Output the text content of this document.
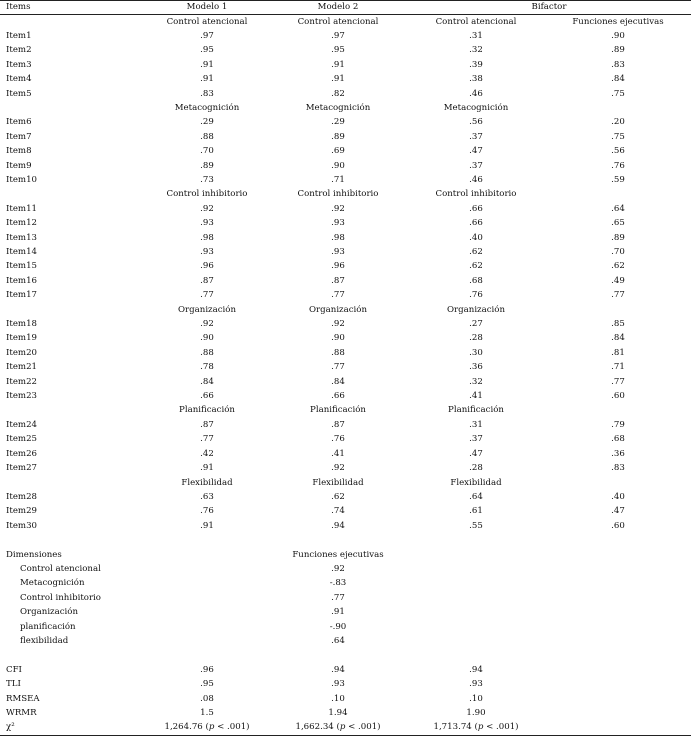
Items	Modelo 1	Modelo 2	Bifactor	
	Control atencional	Control atencional	Control atencional	Funciones ejecutivas
Item1	.97	.97	.31	.90
Item2	.95	.95	.32	.89
Item3	.91	.91	.39	.83
Item4	.91	.91	.38	.84
Item5	.83	.82	.46	.75
	Metacognición	Metacognición	Metacognición	
Item6	.29	.29	.56	.20
Item7	.88	.89	.37	.75
Item8	.70	.69	.47	.56
Item9	.89	.90	.37	.76
Item10	.73	.71	.46	.59
	Control inhibitorio	Control inhibitorio	Control inhibitorio	
Item11	.92	.92	.66	.64
Item12	.93	.93	.66	.65
Item13	.98	.98	.40	.89
Item14	.93	.93	.62	.70
Item15	.96	.96	.62	.62
Item16	.87	.87	.68	.49
Item17	.77	.77	.76	.77
	Organización	Organización	Organización	
Item18	.92	.92	.27	.85
Item19	.90	.90	.28	.84
Item20	.88	.88	.30	.81
Item21	.78	.77	.36	.71
Item22	.84	.84	.32	.77
Item23	.66	.66	.41	.60
	Planificación	Planificación	Planificación	
Item24	.87	.87	.31	.79
Item25	.77	.76	.37	.68
Item26	.42	.41	.47	.36
Item27	.91	.92	.28	.83
	Flexibilidad	Flexibilidad	Flexibilidad	
Item28	.63	.62	.64	.40
Item29	.76	.74	.61	.47
Item30	.91	.94	.55	.60

Dimensiones		Funciones ejecutivas		
Control atencional		.92		
Metacognición		-.83		
Control inhibitorio		.77		
Organización		.91		
planificación		-.90		
flexibilidad		.64		

CFI	.96	.94	.94	
TLI	.95	.93	.93	
RMSEA	.08	.10	.10	
WRMR	1.5	1.94	1.90	
χ²	1,264.76 (p < .001)	1,662.34 (p < .001)	1,713.74 (p < .001)	
